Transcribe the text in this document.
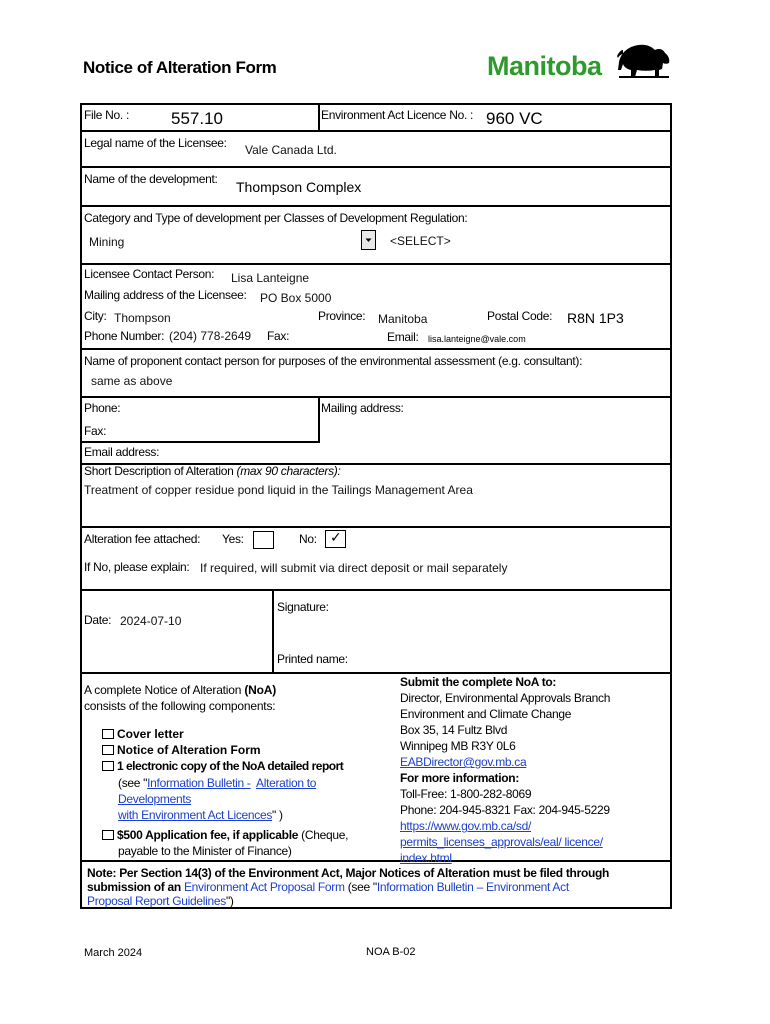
Notice of Alteration Form	Manitoba
File No. : 557.10	Environment Act Licence No. : 960 VC
Legal name of the Licensee: Vale Canada Ltd.
Name of the development: Thompson Complex
Category and Type of development per Classes of Development Regulation:
Mining	<SELECT>
Licensee Contact Person: Lisa Lanteigne
Mailing address of the Licensee: PO Box 5000
City: Thompson	Province: Manitoba	Postal Code: R8N 1P3
Phone Number: (204) 778-2649 Fax:	Email: lisa.lanteigne@vale.com
Name of proponent contact person for purposes of the environmental assessment (e.g. consultant):
same as above
Phone:	Mailing address:
Fax:
Email address:
Short Description of Alteration (max 90 characters):
Treatment of copper residue pond liquid in the Tailings Management Area
Alteration fee attached: Yes:	No: ✓
If No, please explain: If required, will submit via direct deposit or mail separately
Date: 2024-07-10
Signature:
Printed name:
A complete Notice of Alteration (NoA)
consists of the following components:
Cover letter
Notice of Alteration Form
1 electronic copy of the NoA detailed report
(see "Information Bulletin - Alteration to
Developments
with Environment Act Licences" )
$500 Application fee, if applicable (Cheque,
payable to the Minister of Finance)
Submit the complete NoA to:
Director, Environmental Approvals Branch
Environment and Climate Change
Box 35, 14 Fultz Blvd
Winnipeg MB R3Y 0L6
EABDirector@gov.mb.ca
For more information:
Toll-Free: 1-800-282-8069
Phone: 204-945-8321 Fax: 204-945-5229
https://www.gov.mb.ca/sd/
permits_licenses_approvals/eal/ licence/
index.html
Note: Per Section 14(3) of the Environment Act, Major Notices of Alteration must be filed through
submission of an Environment Act Proposal Form (see "Information Bulletin – Environment Act
Proposal Report Guidelines")
March 2024	NOA B-02
